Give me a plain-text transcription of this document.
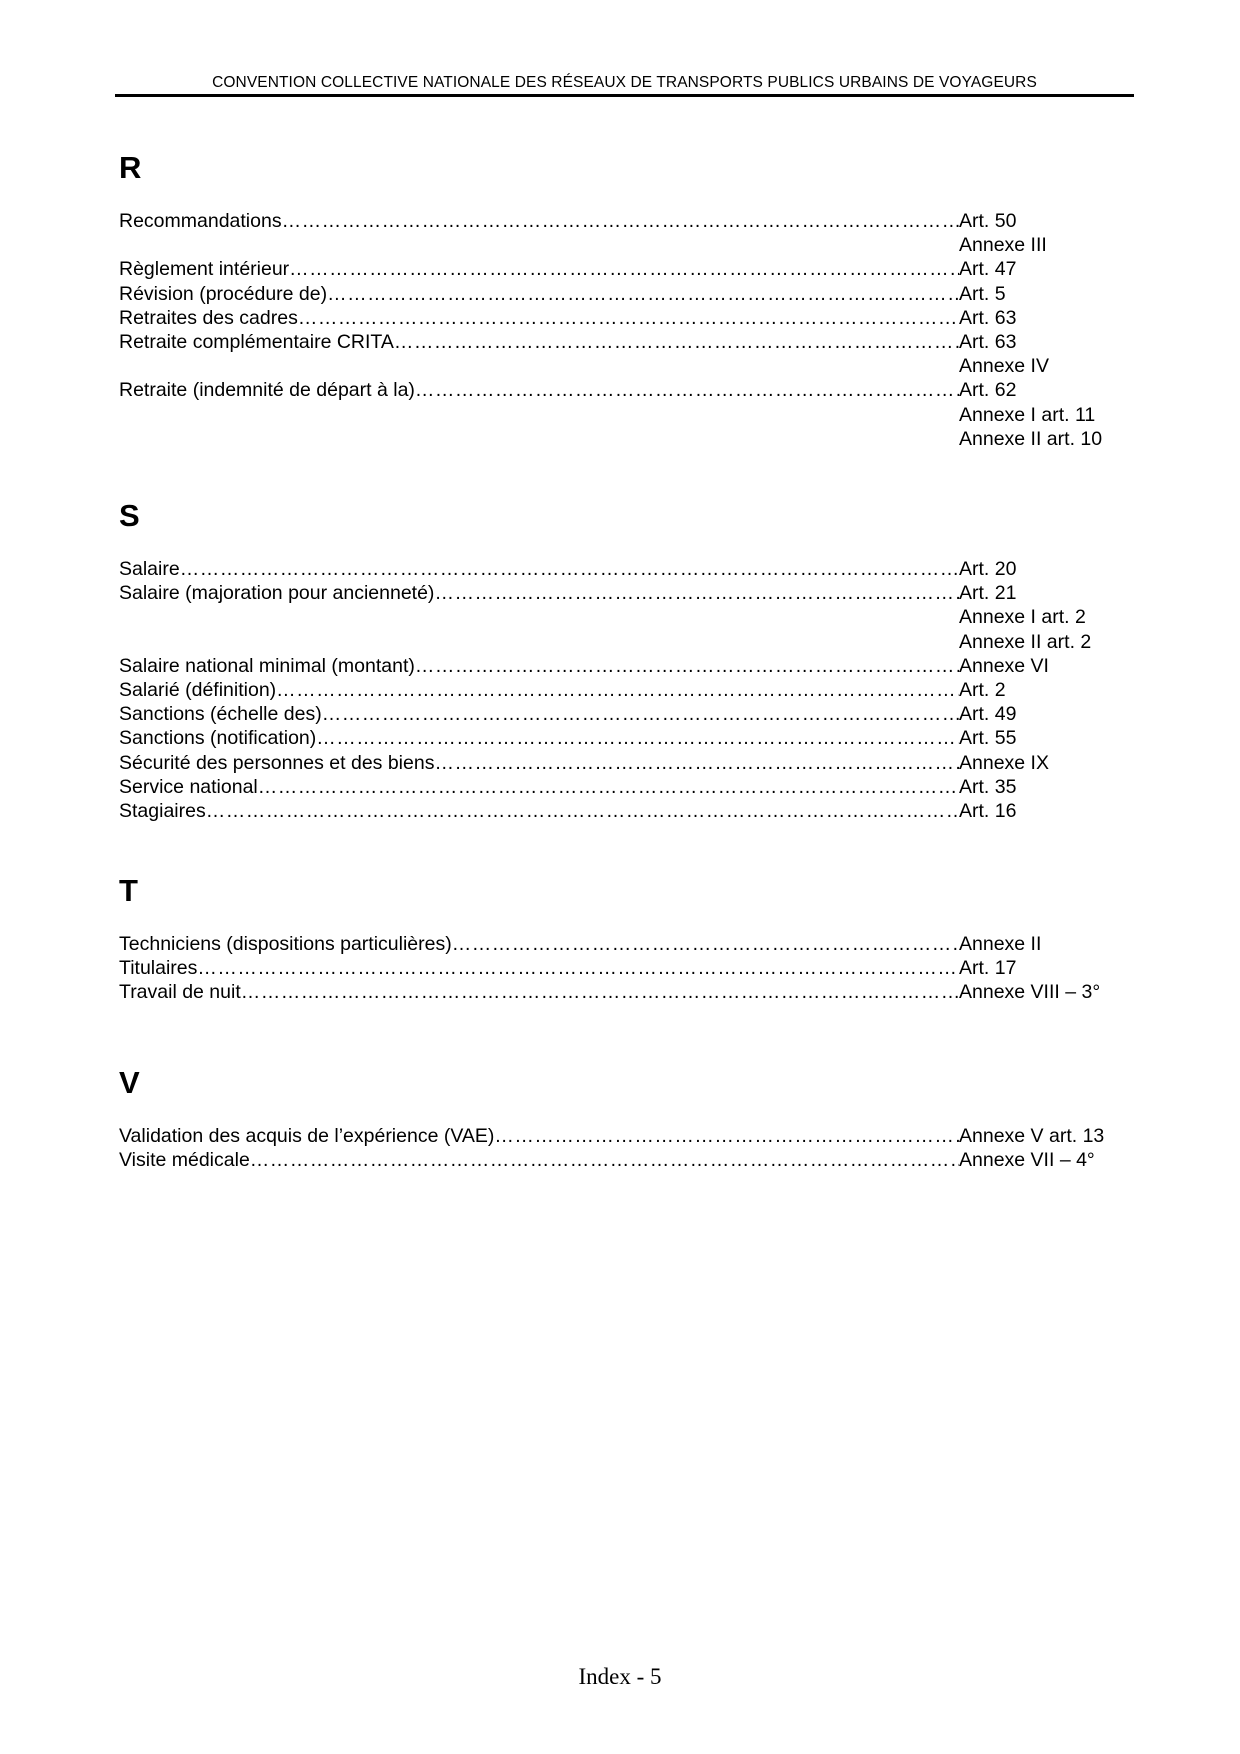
CONVENTION COLLECTIVE NATIONALE DES RÉSEAUX DE TRANSPORTS PUBLICS URBAINS DE VOYAGEURS
R
Recommandations …………………………………………………………………………………………………………………………………………………………………………………………………	Art. 50
Annexe III
Règlement intérieur …………………………………………………………………………………………………………………………………………………………………………………………………	Art. 47
Révision (procédure de) …………………………………………………………………………………………………………………………………………………………………………………………………	Art. 5
Retraites des cadres …………………………………………………………………………………………………………………………………………………………………………………………………	Art. 63
Retraite complémentaire CRITA …………………………………………………………………………………………………………………………………………………………………………………………………	Art. 63
Annexe IV
Retraite (indemnité de départ à la) …………………………………………………………………………………………………………………………………………………………………………………………………	Art. 62
Annexe I art. 11
Annexe II art. 10
S
Salaire …………………………………………………………………………………………………………………………………………………………………………………………………	Art. 20
Salaire (majoration pour ancienneté) …………………………………………………………………………………………………………………………………………………………………………………………………	Art. 21
Annexe I art. 2
Annexe II art. 2
Salaire national minimal (montant) …………………………………………………………………………………………………………………………………………………………………………………………………	Annexe VI
Salarié (définition) …………………………………………………………………………………………………………………………………………………………………………………………………	Art. 2
Sanctions (échelle des) …………………………………………………………………………………………………………………………………………………………………………………………………	Art. 49
Sanctions (notification) …………………………………………………………………………………………………………………………………………………………………………………………………	Art. 55
Sécurité des personnes et des biens …………………………………………………………………………………………………………………………………………………………………………………………………	Annexe IX
Service national …………………………………………………………………………………………………………………………………………………………………………………………………	Art. 35
Stagiaires …………………………………………………………………………………………………………………………………………………………………………………………………	Art. 16
T
Techniciens (dispositions particulières) …………………………………………………………………………………………………………………………………………………………………………………………………	Annexe II
Titulaires …………………………………………………………………………………………………………………………………………………………………………………………………	Art. 17
Travail de nuit …………………………………………………………………………………………………………………………………………………………………………………………………	Annexe VIII – 3°
V
Validation des acquis de l’expérience (VAE) …………………………………………………………………………………………………………………………………………………………………………………………………	Annexe V art. 13
Visite médicale …………………………………………………………………………………………………………………………………………………………………………………………………	Annexe VII – 4°
Index - 5
